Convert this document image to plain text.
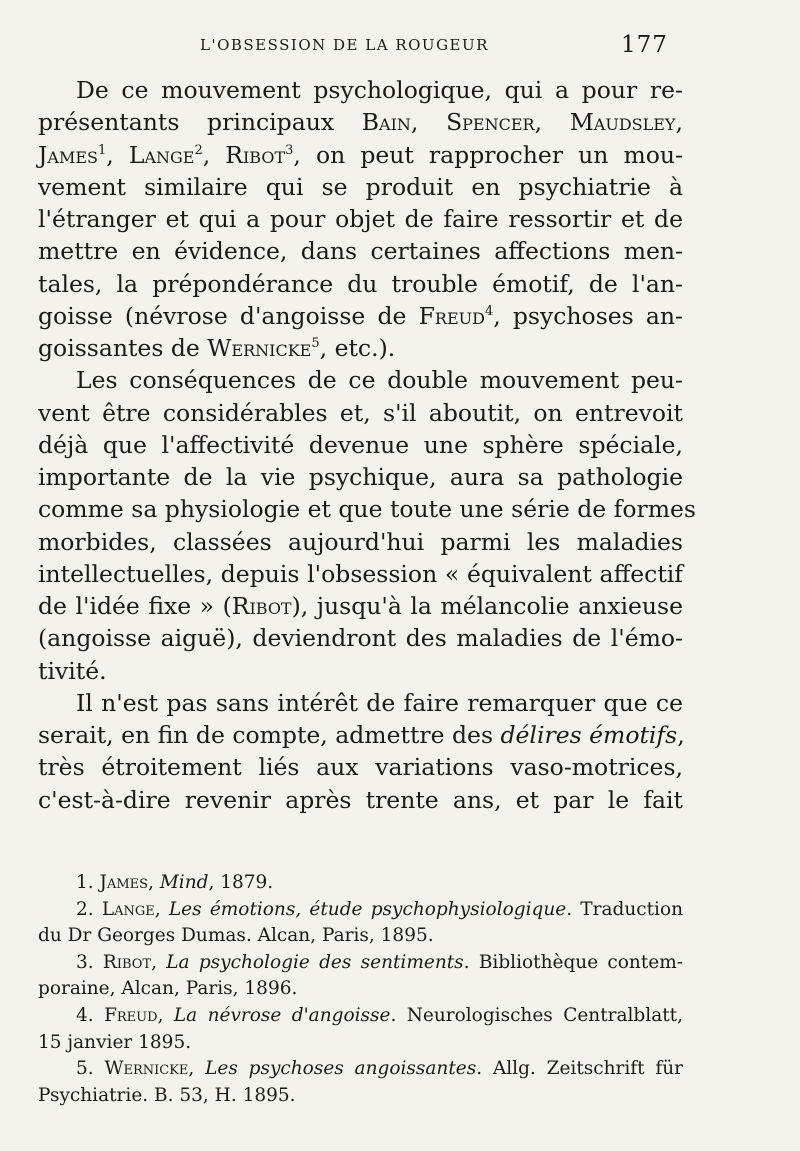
L'OBSESSION DE LA ROUGEUR	177
De ce mouvement psychologique, qui a pour re-
présentants principaux Bain, Spencer, Maudsley,
James$^1$, Lange$^2$, Ribot$^3$, on peut rapprocher un mou-
vement similaire qui se produit en psychiatrie à
l'étranger et qui a pour objet de faire ressortir et de
mettre en évidence, dans certaines affections men-
tales, la prépondérance du trouble émotif, de l'an-
goisse (névrose d'angoisse de Freud$^4$, psychoses an-
goissantes de Wernicke$^5$, etc.).
Les conséquences de ce double mouvement peu-
vent être considérables et, s'il aboutit, on entrevoit
déjà que l'affectivité devenue une sphère spéciale,
importante de la vie psychique, aura sa pathologie
comme sa physiologie et que toute une série de formes
morbides, classées aujourd'hui parmi les maladies
intellectuelles, depuis l'obsession « équivalent affectif
de l'idée fixe » (Ribot), jusqu'à la mélancolie anxieuse
(angoisse aiguë), deviendront des maladies de l'émo-
tivité.
Il n'est pas sans intérêt de faire remarquer que ce
serait, en fin de compte, admettre des délires émotifs,
très étroitement liés aux variations vaso-motrices,
c'est-à-dire revenir après trente ans, et par le fait
1. James, Mind, 1879.
2. Lange, Les émotions, étude psychophysiologique. Traduction
du Dr Georges Dumas. Alcan, Paris, 1895.
3. Ribot, La psychologie des sentiments. Bibliothèque contem-
poraine, Alcan, Paris, 1896.
4. Freud, La névrose d'angoisse. Neurologisches Centralblatt,
15 janvier 1895.
5. Wernicke, Les psychoses angoissantes. Allg. Zeitschrift für
Psychiatrie. B. 53, H. 1895.
